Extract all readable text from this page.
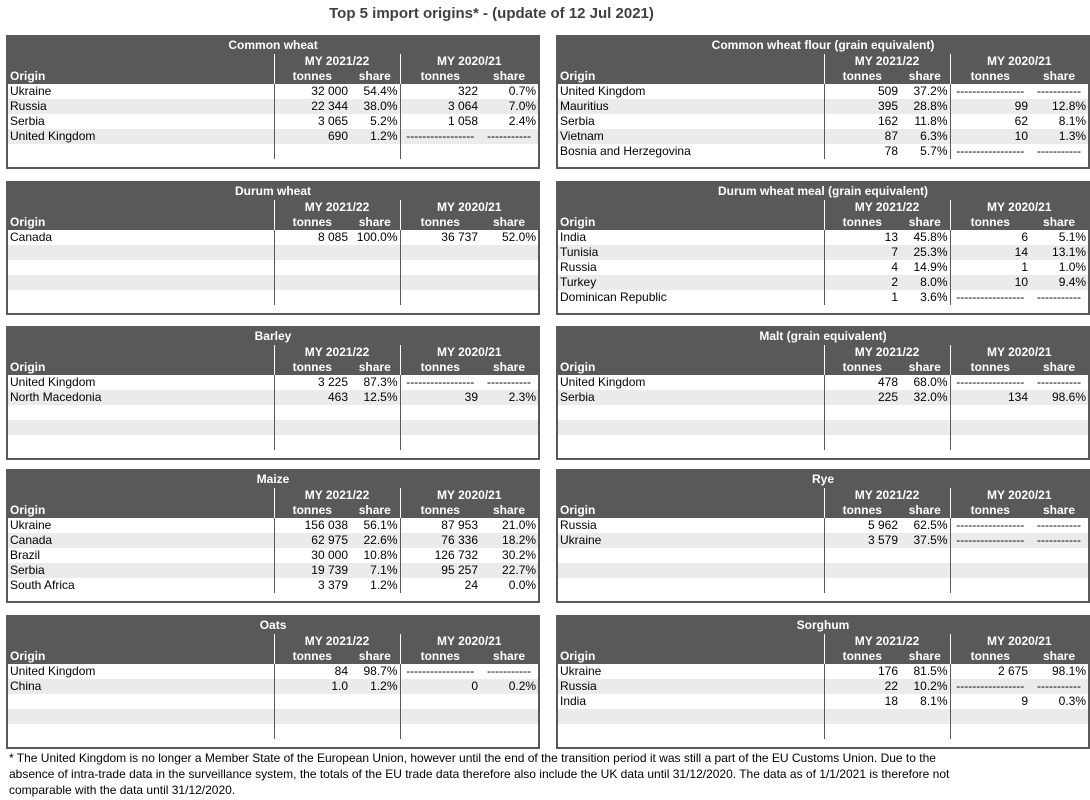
Top 5 import origins* - (update of 12 Jul 2021)
Common wheat				
	MY 2021/22		MY 2020/21	
Origin	tonnes	share	tonnes	share
Ukraine	32 000	54.4%	322	0.7%
Russia	22 344	38.0%	3 064	7.0%
Serbia	3 065	5.2%	1 058	2.4%
United Kingdom	690	1.2%	-----------------	-----------

Common wheat flour (grain equivalent)				
	MY 2021/22		MY 2020/21	
Origin	tonnes	share	tonnes	share
United Kingdom	509	37.2%	-----------------	-----------
Mauritius	395	28.8%	99	12.8%
Serbia	162	11.8%	62	8.1%
Vietnam	87	6.3%	10	1.3%
Bosnia and Herzegovina	78	5.7%	-----------------	-----------
Durum wheat				
	MY 2021/22		MY 2020/21	
Origin	tonnes	share	tonnes	share
Canada	8 085	100.0%	36 737	52.0%

Durum wheat meal (grain equivalent)				
	MY 2021/22		MY 2020/21	
Origin	tonnes	share	tonnes	share
India	13	45.8%	6	5.1%
Tunisia	7	25.3%	14	13.1%
Russia	4	14.9%	1	1.0%
Turkey	2	8.0%	10	9.4%
Dominican Republic	1	3.6%	-----------------	-----------
Barley				
	MY 2021/22		MY 2020/21	
Origin	tonnes	share	tonnes	share
United Kingdom	3 225	87.3%	-----------------	-----------
North Macedonia	463	12.5%	39	2.3%

Malt (grain equivalent)				
	MY 2021/22		MY 2020/21	
Origin	tonnes	share	tonnes	share
United Kingdom	478	68.0%	-----------------	-----------
Serbia	225	32.0%	134	98.6%

Maize				
	MY 2021/22		MY 2020/21	
Origin	tonnes	share	tonnes	share
Ukraine	156 038	56.1%	87 953	21.0%
Canada	62 975	22.6%	76 336	18.2%
Brazil	30 000	10.8%	126 732	30.2%
Serbia	19 739	7.1%	95 257	22.7%
South Africa	3 379	1.2%	24	0.0%
Rye				
	MY 2021/22		MY 2020/21	
Origin	tonnes	share	tonnes	share
Russia	5 962	62.5%	-----------------	-----------
Ukraine	3 579	37.5%	-----------------	-----------

Oats				
	MY 2021/22		MY 2020/21	
Origin	tonnes	share	tonnes	share
United Kingdom	84	98.7%	-----------------	-----------
China	1.0	1.2%	0	0.2%

Sorghum				
	MY 2021/22		MY 2020/21	
Origin	tonnes	share	tonnes	share
Ukraine	176	81.5%	2 675	98.1%
Russia	22	10.2%	-----------------	-----------
India	18	8.1%	9	0.3%

* The United Kingdom is no longer a Member State of the European Union, however until the end of the transition period it was still a part of the EU Customs Union. Due to the absence of intra-trade data in the surveillance system, the totals of the EU trade data therefore also include the UK data until 31/12/2020. The data as of 1/1/2021 is therefore not comparable with the data until 31/12/2020.
